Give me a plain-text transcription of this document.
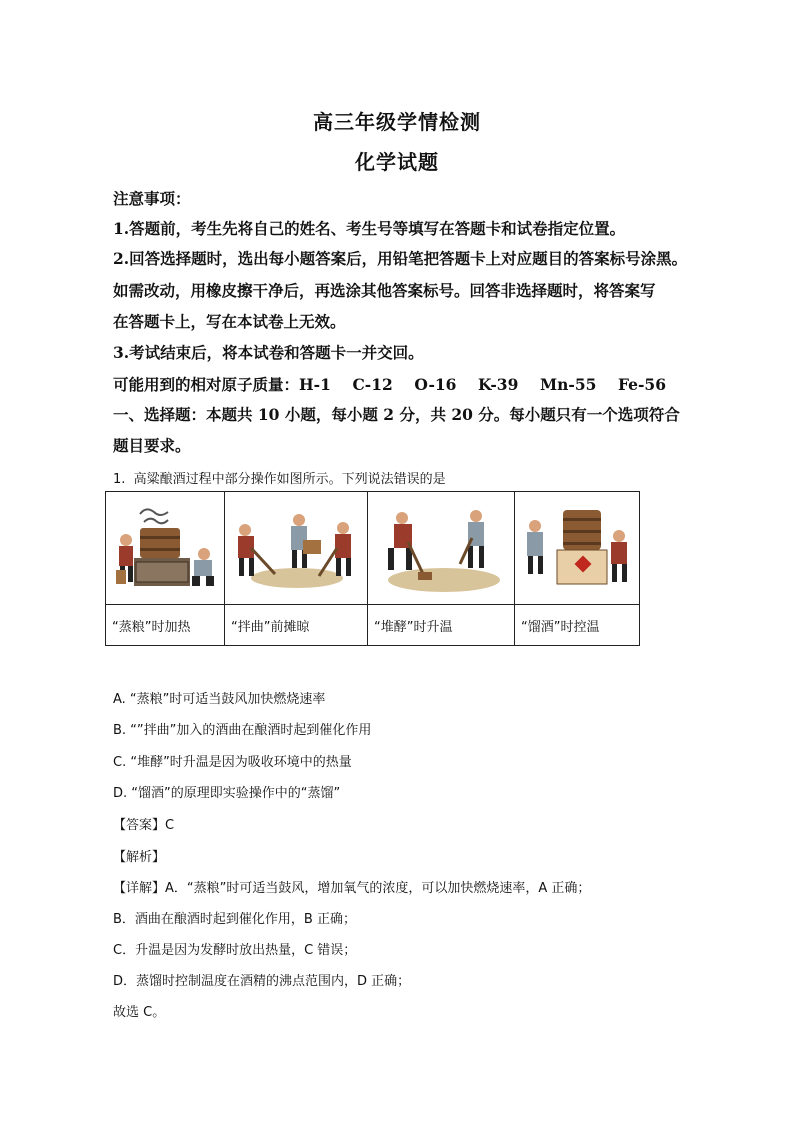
高三年级学情检测
化学试题
注意事项：
1.答题前，考生先将自己的姓名、考生号等填写在答题卡和试卷指定位置。
2.回答选择题时，选出每小题答案后，用铅笔把答题卡上对应题目的答案标号涂黑。
如需改动，用橡皮擦干净后，再选涂其他答案标号。回答非选择题时，将答案写
在答题卡上，写在本试卷上无效。
3.考试结束后，将本试卷和答题卡一并交回。
可能用到的相对原子质量：H-1    C-12    O-16    K-39    Mn-55    Fe-56
一、选择题：本题共 10 小题，每小题 2 分，共 20 分。每小题只有一个选项符合
题目要求。
1.  高粱酿酒过程中部分操作如图所示。下列说法错误的是

“蒸粮”时加热	“拌曲”前摊晾	“堆酵”时升温	“馏酒”时控温
A. “蒸粮”时可适当鼓风加快燃烧速率
B. “”拌曲”加入的酒曲在酿酒时起到催化作用
C. “堆酵”时升温是因为吸收环境中的热量
D. “馏酒”的原理即实验操作中的“蒸馏”
【答案】C
【解析】
【详解】A．“蒸粮”时可适当鼓风，增加氧气的浓度，可以加快燃烧速率，A 正确；
B．酒曲在酿酒时起到催化作用，B 正确；
C．升温是因为发酵时放出热量，C 错误；
D．蒸馏时控制温度在酒精的沸点范围内，D 正确；
故选 C。
